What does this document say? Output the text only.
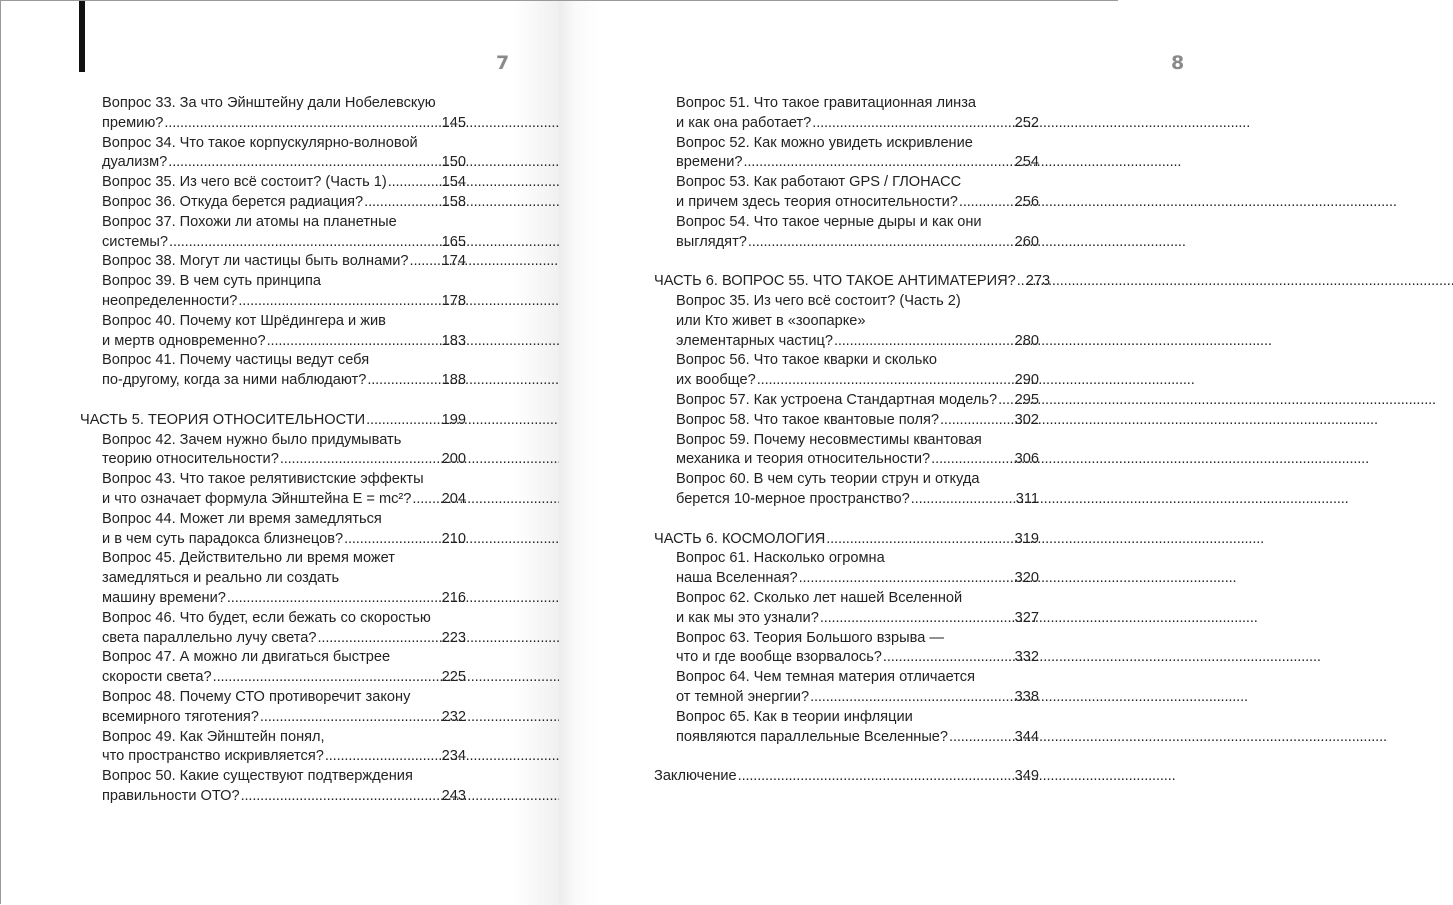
7
Вопрос 33. За что Эйнштейну дали Нобелевскую
премию? . . .	145
Вопрос 34. Что такое корпускулярно-волновой
дуализм? . . .	150
Вопрос 35. Из чего всё состоит? (Часть 1) . . .	154
Вопрос 36. Откуда берется радиация? . . .	158
Вопрос 37. Похожи ли атомы на планетные
системы? . . .	165
Вопрос 38. Могут ли частицы быть волнами? . . . 174
Вопрос 39. В чем суть принципа
неопределенности? . . .	178
Вопрос 40. Почему кот Шрёдингера и жив
и мертв одновременно? . . .	183
Вопрос 41. Почему частицы ведут себя
по-другому, когда за ними наблюдают? . . .	188
ЧАСТЬ 5. ТЕОРИЯ ОТНОСИТЕЛЬНОСТИ . . .	199
Вопрос 42. Зачем нужно было придумывать
теорию относительности? . . .	200
Вопрос 43. Что такое релятивистские эффекты
и что означает формула Эйнштейна E = mc²? . . . 204
Вопрос 44. Может ли время замедляться
и в чем суть парадокса близнецов? . . .	210
Вопрос 45. Действительно ли время может
замедляться и реально ли создать
машину времени? . . .	216
Вопрос 46. Что будет, если бежать со скоростью
света параллельно лучу света? . . .	223
Вопрос 47. А можно ли двигаться быстрее
скорости света? . . .	225
Вопрос 48. Почему СТО противоречит закону
всемирного тяготения? . . .	232
Вопрос 49. Как Эйнштейн понял,
что пространство искривляется? . . .	234
Вопрос 50. Какие существуют подтверждения
правильности ОТО? . . .	243
8
Вопрос 51. Что такое гравитационная линза
и как она работает? . . .	252
Вопрос 52. Как можно увидеть искривление
времени? . . .	254
Вопрос 53. Как работают GPS / ГЛОНАСС
и причем здесь теория относительности? . . .	256
Вопрос 54. Что такое черные дыры и как они
выглядят? . . .	260
ЧАСТЬ 6. ВОПРОС 55. ЧТО ТАКОЕ АНТИМАТЕРИЯ? . . . 273
Вопрос 35. Из чего всё состоит? (Часть 2)
или Кто живет в «зоопарке»
элементарных частиц? . . .	280
Вопрос 56. Что такое кварки и сколько
их вообще? . . .	290
Вопрос 57. Как устроена Стандартная модель? . . . 295
Вопрос 58. Что такое квантовые поля? . . .	302
Вопрос 59. Почему несовместимы квантовая
механика и теория относительности? . . .	306
Вопрос 60. В чем суть теории струн и откуда
берется 10-мерное пространство? . . .	311
ЧАСТЬ 6. КОСМОЛОГИЯ . . .	319
Вопрос 61. Насколько огромна
наша Вселенная? . . .	320
Вопрос 62. Сколько лет нашей Вселенной
и как мы это узнали? . . .	327
Вопрос 63. Теория Большого взрыва —
что и где вообще взорвалось? . . .	332
Вопрос 64. Чем темная материя отличается
от темной энергии? . . .	338
Вопрос 65. Как в теории инфляции
появляются параллельные Вселенные? . . .	344
Заключение . . .	349
